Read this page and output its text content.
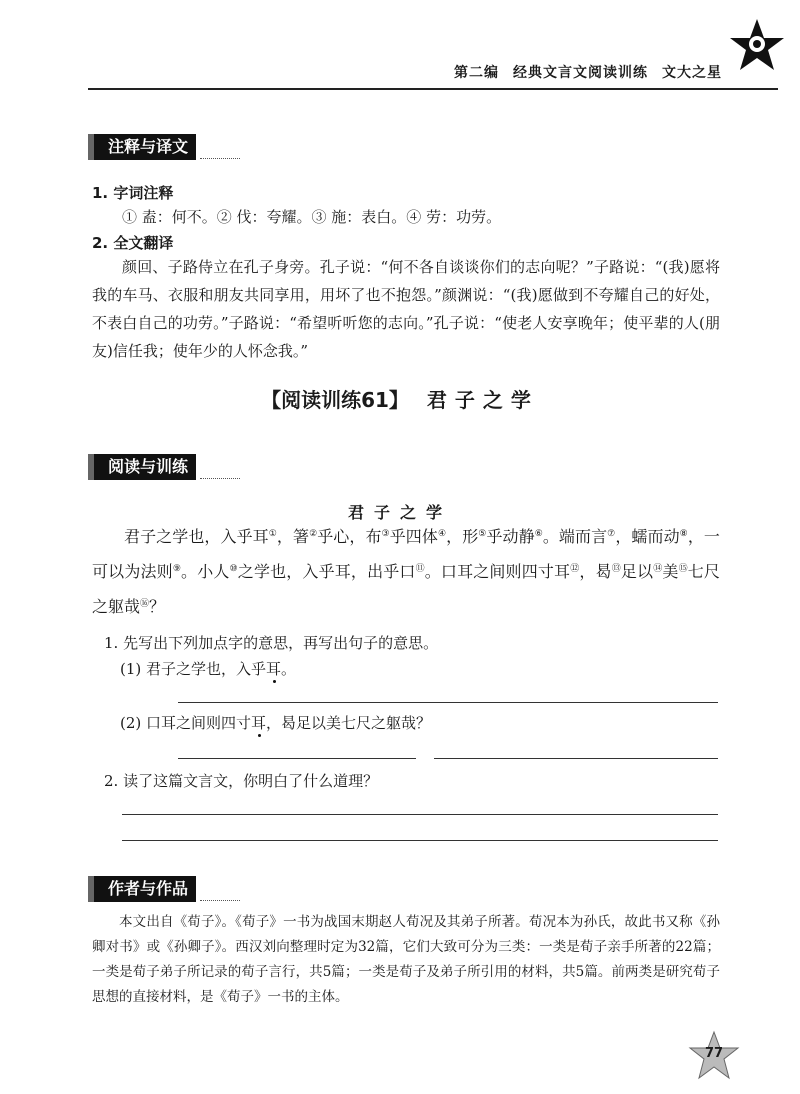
第二编 经典文言文阅读训练 文大之星
注释与译文
1. 字词注释
① 盍：何不。② 伐：夸耀。③ 施：表白。④ 劳：功劳。
2. 全文翻译
颜回、子路侍立在孔子身旁。孔子说：“何不各自谈谈你们的志向呢？”子路说：“(我)愿将我的车马、衣服和朋友共同享用，用坏了也不抱怨。”颜渊说：“(我)愿做到不夸耀自己的好处，不表白自己的功劳。”子路说：“希望听听您的志向。”孔子说：“使老人安享晚年；使平辈的人(朋友)信任我；使年少的人怀念我。”
【阅读训练61】 君子之学
阅读与训练
君子之学
君子之学也，入乎耳①，箸②乎心，布③乎四体④，形⑤乎动静⑥。端而言⑦，蠕而动⑧，一可以为法则⑨。小人⑩之学也，入乎耳，出乎口⑪。口耳之间则四寸耳⑫，曷⑬足以⑭美⑮七尺之躯哉⑯？
1. 先写出下列加点字的意思，再写出句子的意思。
(1) 君子之学也，入乎耳。
(2) 口耳之间则四寸耳，曷足以美七尺之躯哉？
2. 读了这篇文言文，你明白了什么道理？
作者与作品
本文出自《荀子》。《荀子》一书为战国末期赵人荀况及其弟子所著。荀况本为孙氏，故此书又称《孙卿对书》或《孙卿子》。西汉刘向整理时定为32篇，它们大致可分为三类：一类是荀子亲手所著的22篇；一类是荀子弟子所记录的荀子言行，共5篇；一类是荀子及弟子所引用的材料，共5篇。前两类是研究荀子思想的直接材料，是《荀子》一书的主体。
77
